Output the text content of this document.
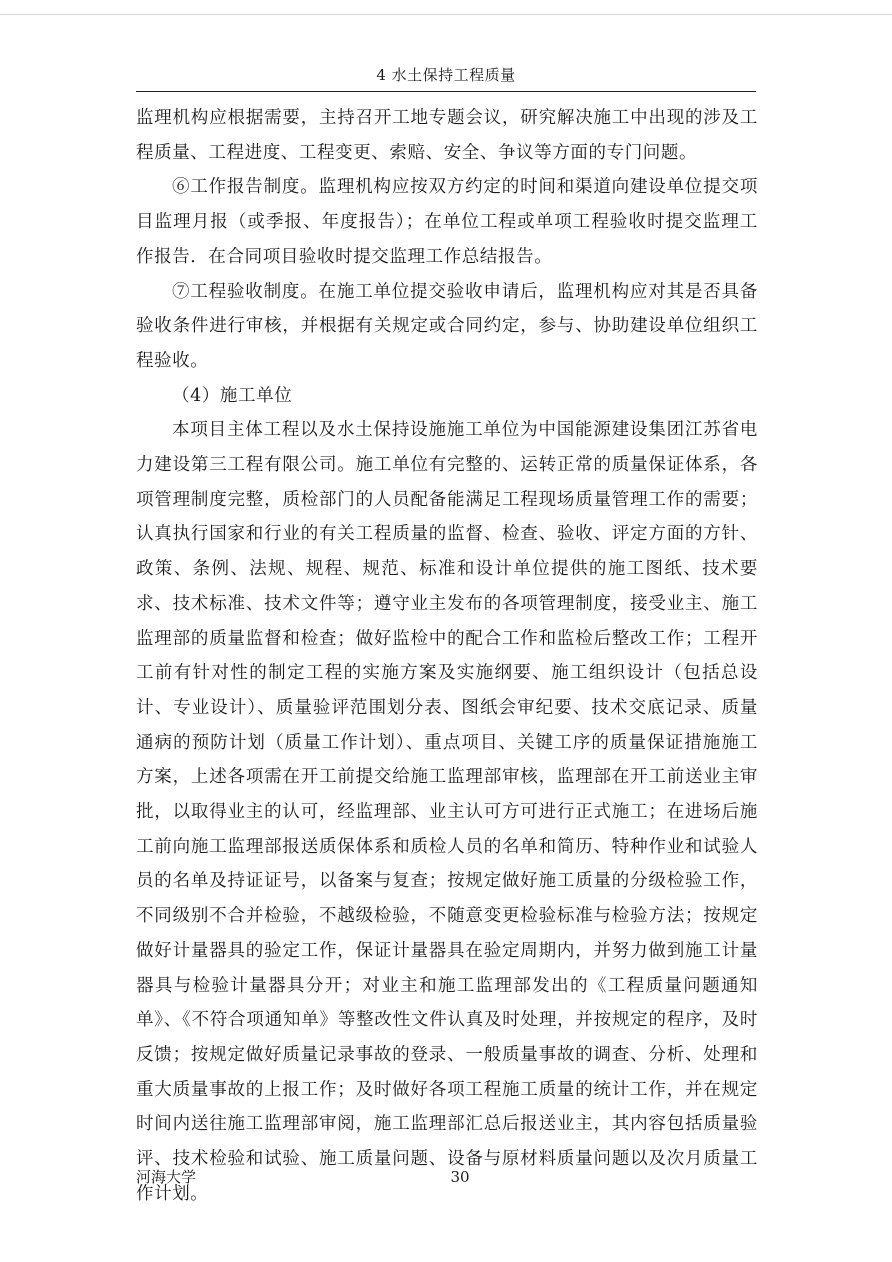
4 水土保持工程质量

监理机构应根据需要，主持召开工地专题会议，研究解决施工中出现的涉及工程质量、工程进度、工程变更、索赔、安全、争议等方面的专门问题。

⑥工作报告制度。监理机构应按双方约定的时间和渠道向建设单位提交项目监理月报（或季报、年度报告）；在单位工程或单项工程验收时提交监理工作报告．在合同项目验收时提交监理工作总结报告。

⑦工程验收制度。在施工单位提交验收申请后，监理机构应对其是否具备验收条件进行审核，并根据有关规定或合同约定，参与、协助建设单位组织工程验收。

（4）施工单位

本项目主体工程以及水土保持设施施工单位为中国能源建设集团江苏省电力建设第三工程有限公司。施工单位有完整的、运转正常的质量保证体系，各项管理制度完整，质检部门的人员配备能满足工程现场质量管理工作的需要；认真执行国家和行业的有关工程质量的监督、检查、验收、评定方面的方针、政策、条例、法规、规程、规范、标准和设计单位提供的施工图纸、技术要求、技术标准、技术文件等；遵守业主发布的各项管理制度，接受业主、施工监理部的质量监督和检查；做好监检中的配合工作和监检后整改工作；工程开工前有针对性的制定工程的实施方案及实施纲要、施工组织设计（包括总设计、专业设计）、质量验评范围划分表、图纸会审纪要、技术交底记录、质量通病的预防计划（质量工作计划）、重点项目、关键工序的质量保证措施施工方案，上述各项需在开工前提交给施工监理部审核，监理部在开工前送业主审批，以取得业主的认可，经监理部、业主认可方可进行正式施工；在进场后施工前向施工监理部报送质保体系和质检人员的名单和简历、特种作业和试验人员的名单及持证证号，以备案与复查；按规定做好施工质量的分级检验工作，不同级别不合并检验，不越级检验，不随意变更检验标准与检验方法；按规定做好计量器具的验定工作，保证计量器具在验定周期内，并努力做到施工计量器具与检验计量器具分开；对业主和施工监理部发出的《工程质量问题通知单》、《不符合项通知单》等整改性文件认真及时处理，并按规定的程序，及时反馈；按规定做好质量记录事故的登录、一般质量事故的调查、分析、处理和重大质量事故的上报工作；及时做好各项工程施工质量的统计工作，并在规定时间内送往施工监理部审阅，施工监理部汇总后报送业主，其内容包括质量验评、技术检验和试验、施工质量问题、设备与原材料质量问题以及次月质量工作计划。

河海大学	30
